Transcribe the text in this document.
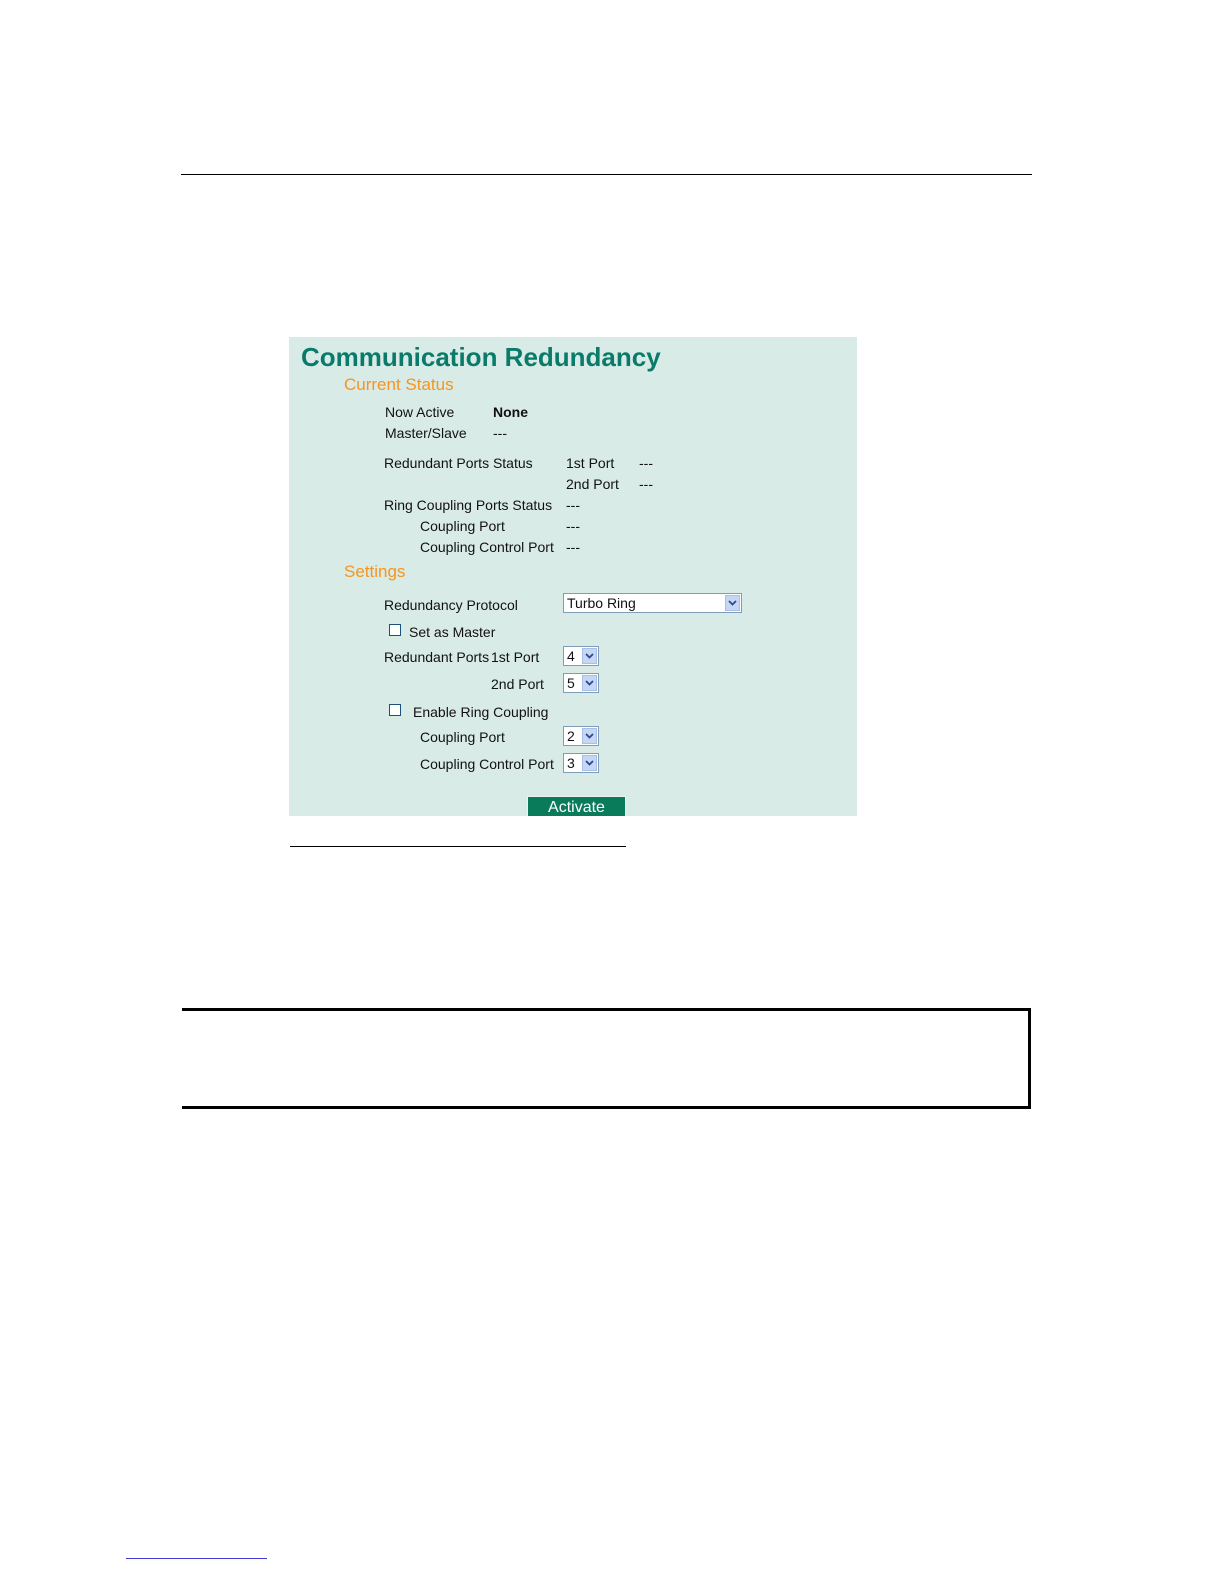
Communication Redundancy
Current Status
Now Active	None
Master/Slave ---
Redundant Ports Status 1st Port ---
2nd Port ---
Ring Coupling Ports Status ---
Coupling Port	---
Coupling Control Port ---
Settings
Redundancy Protocol	Turbo Ring
Set as Master
Redundant Ports 1st Port 4
2nd Port 5
Enable Ring Coupling
Coupling Port	2
Coupling Control Port 3
Activate
